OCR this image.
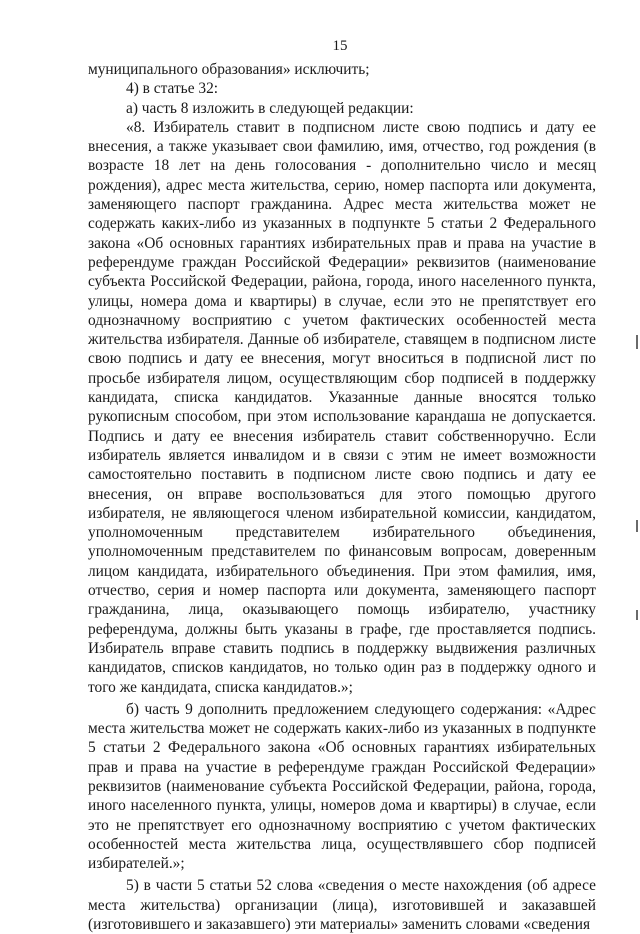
15

муниципального образования» исключить;

4) в статье 32:

а) часть 8 изложить в следующей редакции:

«8. Избиратель ставит в подписном листе свою подпись и дату ее внесения, а также указывает свои фамилию, имя, отчество, год рождения (в возрасте 18 лет на день голосования - дополнительно число и месяц рождения), адрес места жительства, серию, номер паспорта или документа, заменяющего паспорт гражданина. Адрес места жительства может не содержать каких-либо из указанных в подпункте 5 статьи 2 Федерального закона «Об основных гарантиях избирательных прав и права на участие в референдуме граждан Российской Федерации» реквизитов (наименование субъекта Российской Федерации, района, города, иного населенного пункта, улицы, номера дома и квартиры) в случае, если это не препятствует его однозначному восприятию с учетом фактических особенностей места жительства избирателя. Данные об избирателе, ставящем в подписном листе свою подпись и дату ее внесения, могут вноситься в подписной лист по просьбе избирателя лицом, осуществляющим сбор подписей в поддержку кандидата, списка кандидатов. Указанные данные вносятся только рукописным способом, при этом использование карандаша не допускается. Подпись и дату ее внесения избиратель ставит собственноручно. Если избиратель является инвалидом и в связи с этим не имеет возможности самостоятельно поставить в подписном листе свою подпись и дату ее внесения, он вправе воспользоваться для этого помощью другого избирателя, не являющегося членом избирательной комиссии, кандидатом, уполномоченным представителем избирательного объединения, уполномоченным представителем по финансовым вопросам, доверенным лицом кандидата, избирательного объединения. При этом фамилия, имя, отчество, серия и номер паспорта или документа, заменяющего паспорт гражданина, лица, оказывающего помощь избирателю, участнику референдума, должны быть указаны в графе, где проставляется подпись. Избиратель вправе ставить подпись в поддержку выдвижения различных кандидатов, списков кандидатов, но только один раз в поддержку одного и того же кандидата, списка кандидатов.»;

б) часть 9 дополнить предложением следующего содержания: «Адрес места жительства может не содержать каких-либо из указанных в подпункте 5 статьи 2 Федерального закона «Об основных гарантиях избирательных прав и права на участие в референдуме граждан Российской Федерации» реквизитов (наименование субъекта Российской Федерации, района, города, иного населенного пункта, улицы, номеров дома и квартиры) в случае, если это не препятствует его однозначному восприятию с учетом фактических особенностей места жительства лица, осуществлявшего сбор подписей избирателей.»;

5) в части 5 статьи 52 слова «сведения о месте нахождения (об адресе места жительства) организации (лица), изготовившей и заказавшей (изготовившего и заказавшего) эти материалы» заменить словами «сведения
